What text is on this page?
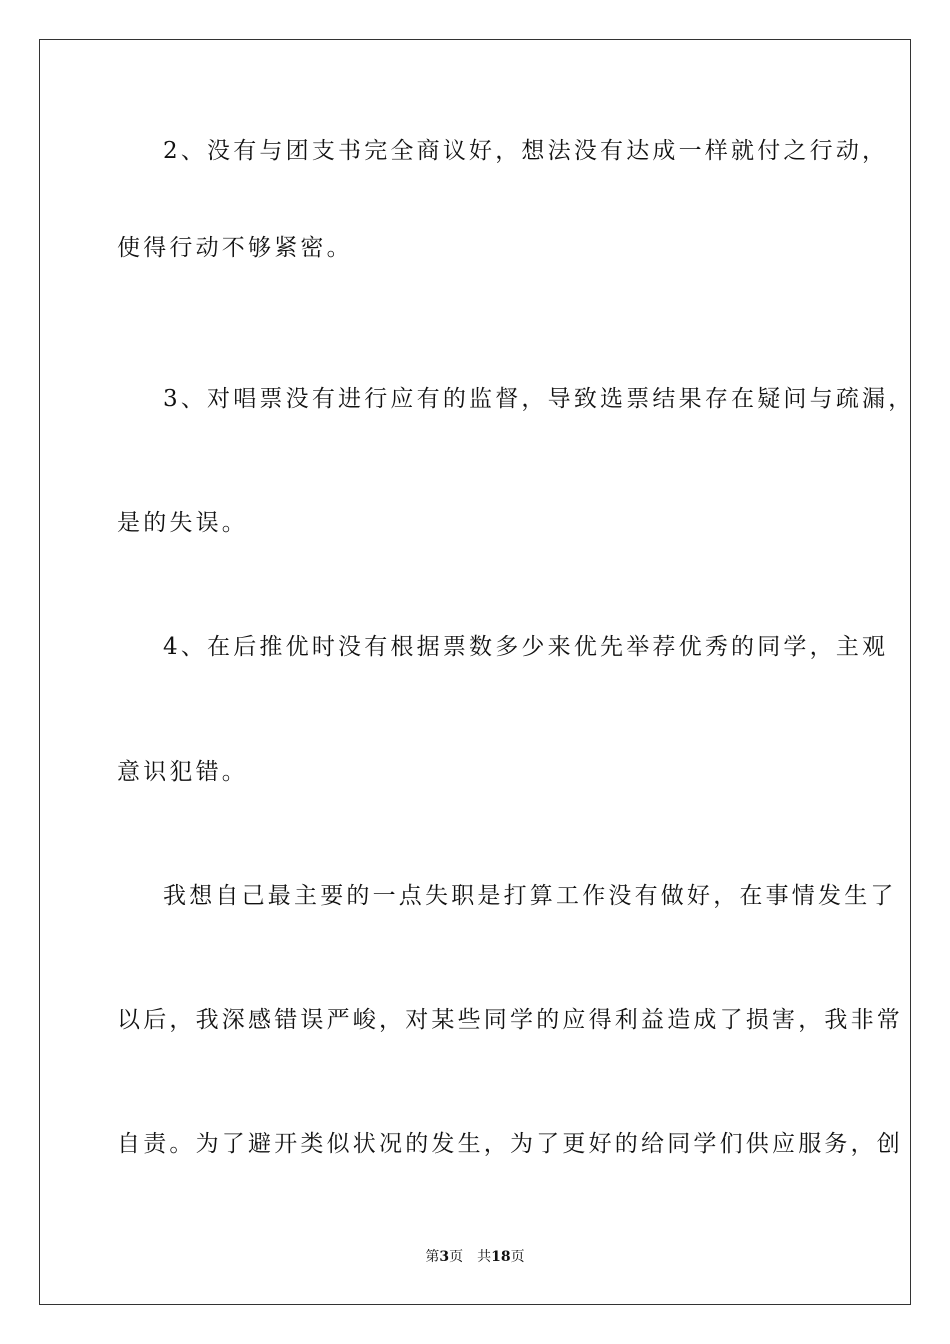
2、没有与团支书完全商议好，想法没有达成一样就付之行动，
使得行动不够紧密。
3、对唱票没有进行应有的监督，导致选票结果存在疑问与疏漏，
是的失误。
4、在后推优时没有根据票数多少来优先举荐优秀的同学，主观
意识犯错。
我想自己最主要的一点失职是打算工作没有做好，在事情发生了
以后，我深感错误严峻，对某些同学的应得利益造成了损害，我非常
自责。为了避开类似状况的发生，为了更好的给同学们供应服务，创
第3页 共18页
